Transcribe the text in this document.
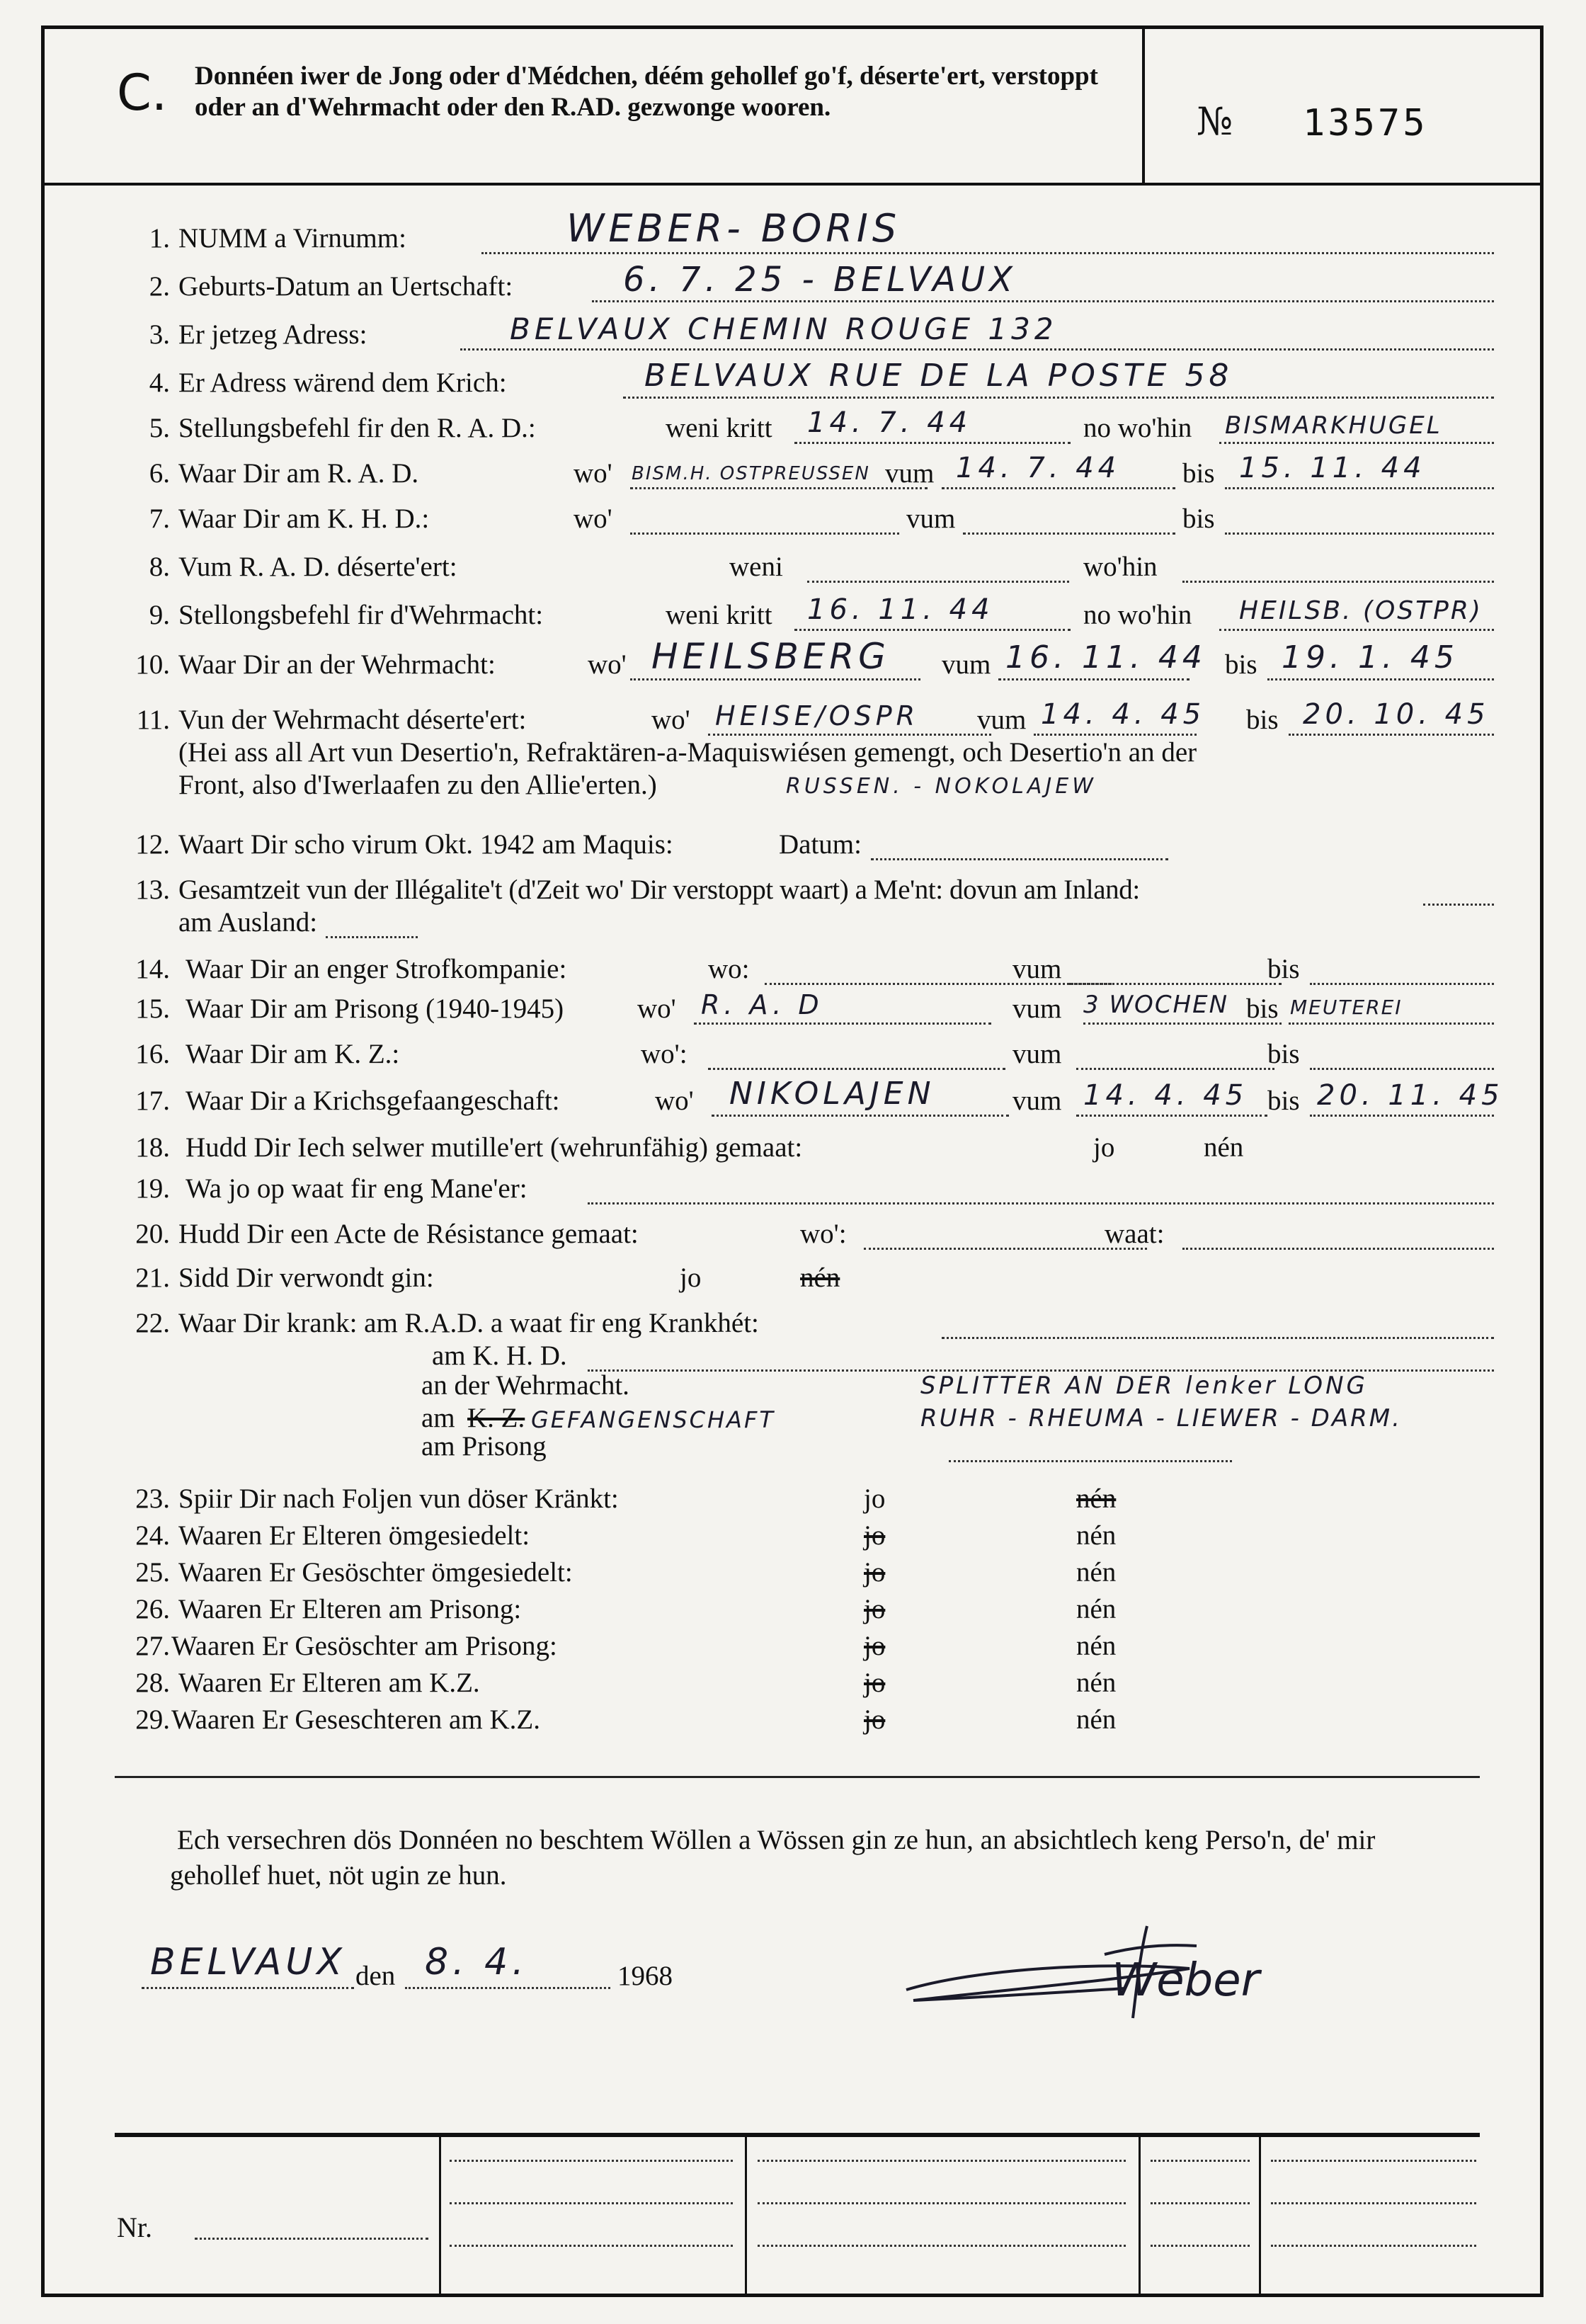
C. Donnéen iwer de Jong oder d'Médchen, déém gehollef go'f, déserte'ert, verstoppt oder an d'Wehrmacht oder den R.AD. gezwonge wooren.	№ 13575
1. NUMM a Virnumm:	WEBER- BORIS
2. Geburts-Datum an Uertschaft:	6. 7. 25 - BELVAUX
3. Er jetzeg Adress:	BELVAUX CHEMIN ROUGE 132
4. Er Adress wärend dem Krich:	BELVAUX RUE DE LA POSTE 58
5. Stellungsbefehl fir den R. A. D.:	weni kritt 14. 7. 44	no wo'hin BISMARKHUGEL
6. Waar Dir am R. A. D.	wo' BISM.H. OSTPREUSSEN vum 14. 7. 44 bis 15. 11. 44
7. Waar Dir am K. H. D.:	wo'	vum	bis
8. Vum R. A. D. déserte'ert:	weni	wo'hin
9. Stellongsbefehl fir d'Wehrmacht:	weni kritt 16. 11. 44	no wo'hin HEILSB. (OSTPR)
10. Waar Dir an der Wehrmacht:	wo' HEILSBERG vum 16. 11. 44 bis 19. 1. 45
11. Vun der Wehrmacht déserte'ert:	wo' HEISE/OSPR vum 14. 4. 45 bis 20. 10. 45
(Hei ass all Art vun Desertio'n, Refraktären-a-Maquiswiésen gemengt, och Desertio'n an der
Front, also d'Iwerlaafen zu den Allie'erten.)	RUSSEN. - NOKOLAJEW
12. Waart Dir scho virum Okt. 1942 am Maquis:	Datum:
13. Gesamtzeit vun der Illégalite't (d'Zeit wo' Dir verstoppt waart) a Me'nt: dovun am Inland:
am Ausland:
14. Waar Dir an enger Strofkompanie:	wo:	vum	bis
15. Waar Dir am Prisong (1940-1945)	wo' R. A. D	vum 3 WOCHEN bis MEUTEREI
16. Waar Dir am K. Z.:	wo':	vum	bis
17. Waar Dir a Krichsgefaangeschaft:	wo' NIKOLAJEN	vum 14. 4. 45 bis 20. 11. 45
18. Hudd Dir Iech selwer mutille'ert (wehrunfähig) gemaat:	jo	nén
19. Wa jo op waat fir eng Mane'er:
20. Hudd Dir een Acte de Résistance gemaat:	wo':	waat:
21. Sidd Dir verwondt gin:	jo	nén
22. Waar Dir krank: am R.A.D. a waat fir eng Krankhét:
am K. H. D.
an der Wehrmacht.	SPLITTER AN DER lenker LONG
am K. Z. GEFANGENSCHAFT	RUHR - RHEUMA - LIEWER - DARM.
am Prisong
23. Spiir Dir nach Foljen vun döser Kränkt:	jo	nén
24. Waaren Er Elteren ömgesiedelt:	jo	nén
25. Waaren Er Gesöschter ömgesiedelt:	jo	nén
26. Waaren Er Elteren am Prisong:	jo	nén
27. Waaren Er Gesöschter am Prisong:	jo	nén
28. Waaren Er Elteren am K.Z.	jo	nén
29. Waaren Er Geseschteren am K.Z.	jo	nén
Ech versechren dös Donnéen no beschtem Wöllen a Wössen gin ze hun, an absichtlech keng Perso'n, de' mir gehollef huet, nöt ugin ze hun.
BELVAUX den 8. 4.	1968	Weber
Nr.
